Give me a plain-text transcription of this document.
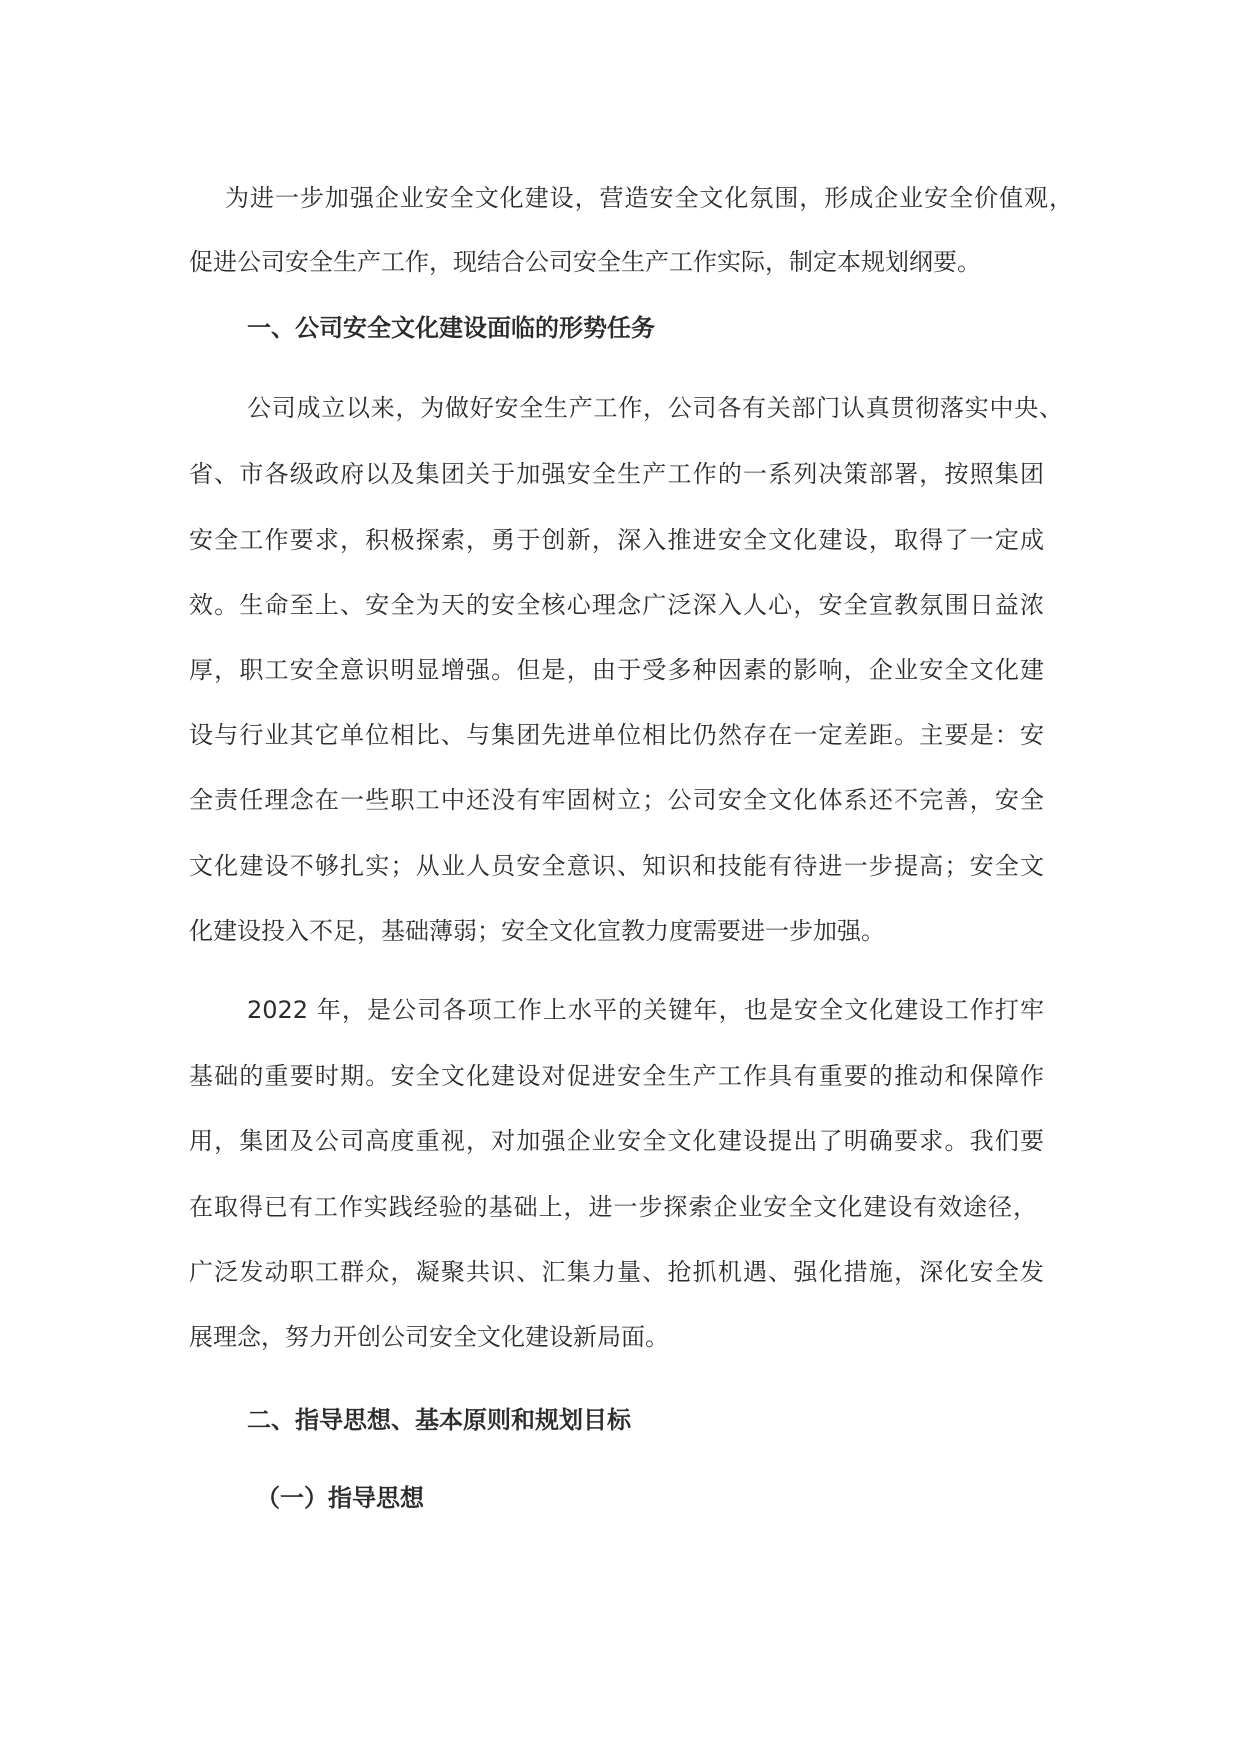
为进一步加强企业安全文化建设，营造安全文化氛围，形成企业安全价值观，
促进公司安全生产工作，现结合公司安全生产工作实际，制定本规划纲要。
一、公司安全文化建设面临的形势任务
公司成立以来，为做好安全生产工作，公司各有关部门认真贯彻落实中央、
省、市各级政府以及集团关于加强安全生产工作的一系列决策部署，按照集团
安全工作要求，积极探索，勇于创新，深入推进安全文化建设，取得了一定成
效。生命至上、安全为天的安全核心理念广泛深入人心，安全宣教氛围日益浓
厚，职工安全意识明显增强。但是，由于受多种因素的影响，企业安全文化建
设与行业其它单位相比、与集团先进单位相比仍然存在一定差距。主要是：安
全责任理念在一些职工中还没有牢固树立；公司安全文化体系还不完善，安全
文化建设不够扎实；从业人员安全意识、知识和技能有待进一步提高；安全文
化建设投入不足，基础薄弱；安全文化宣教力度需要进一步加强。
2022 年，是公司各项工作上水平的关键年，也是安全文化建设工作打牢
基础的重要时期。安全文化建设对促进安全生产工作具有重要的推动和保障作
用，集团及公司高度重视，对加强企业安全文化建设提出了明确要求。我们要
在取得已有工作实践经验的基础上，进一步探索企业安全文化建设有效途径，
广泛发动职工群众，凝聚共识、汇集力量、抢抓机遇、强化措施，深化安全发
展理念，努力开创公司安全文化建设新局面。
二、指导思想、基本原则和规划目标
（一）指导思想
